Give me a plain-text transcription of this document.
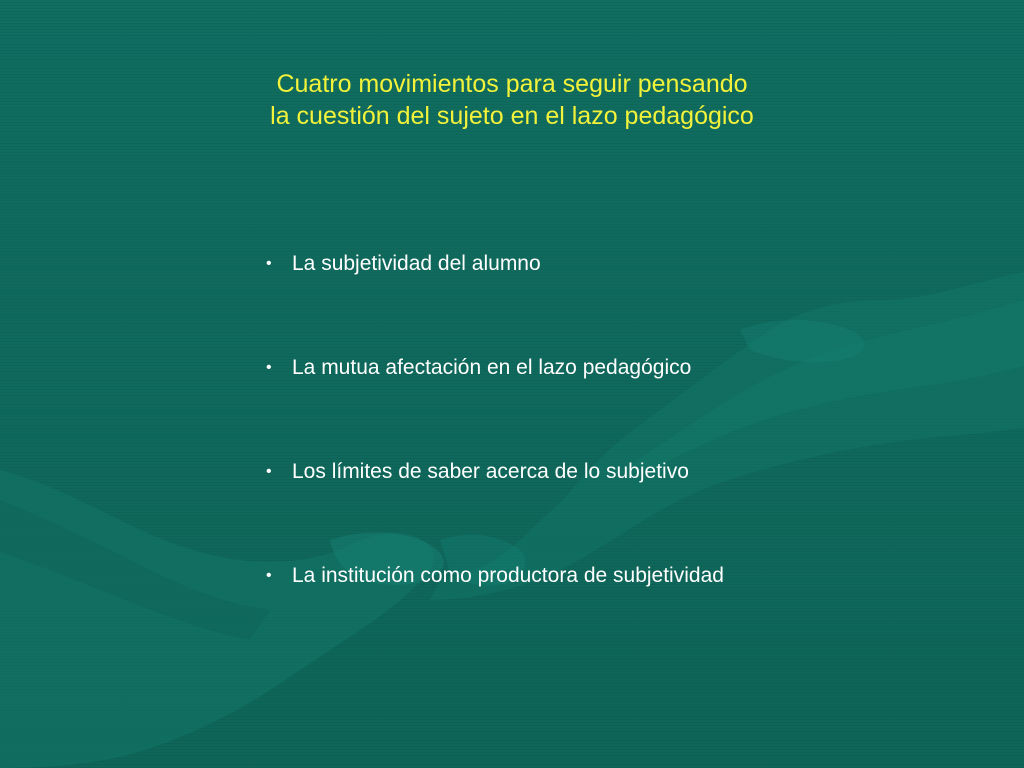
Cuatro movimientos para seguir pensando
la cuestión del sujeto en el lazo pedagógico
• La subjetividad del alumno
• La mutua afectación en el lazo pedagógico
• Los límites de saber acerca de lo subjetivo
• La institución como productora de subjetividad
